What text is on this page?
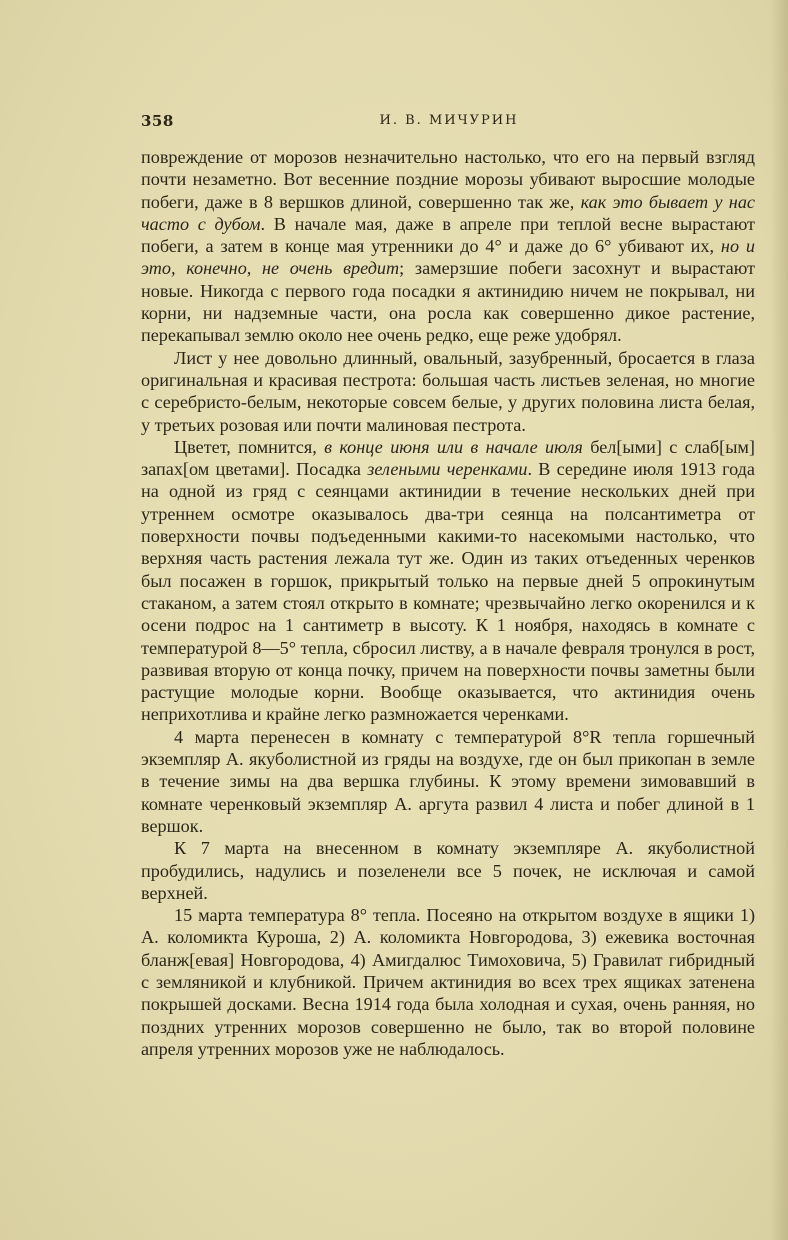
358	И. В. МИЧУРИН

повреждение от морозов незначительно настолько, что его на первый взгляд почти незаметно. Вот весенние поздние морозы убивают выросшие молодые побеги, даже в 8 вершков длиной, совершенно так же, как это бывает у нас часто с дубом. В начале мая, даже в апреле при теплой весне вырастают побеги, а затем в конце мая утренники до 4° и даже до 6° убивают их, но и это, конечно, не очень вредит; замерзшие побеги засохнут и вырастают новые. Никогда с первого года посадки я актинидию ничем не покрывал, ни корни, ни надземные части, она росла как совершенно дикое растение, перекапывал землю около нее очень редко, еще реже удобрял.

Лист у нее довольно длинный, овальный, зазубренный, бросается в глаза оригинальная и красивая пестрота: большая часть листьев зеленая, но многие с серебристо-белым, некоторые совсем белые, у других половина листа белая, у третьих розовая или почти малиновая пестрота.

Цветет, помнится, в конце июня или в начале июля бел[ыми] с слаб[ым] запах[ом цветами]. Посадка зелеными черенками. В середине июля 1913 года на одной из гряд с сеянцами актинидии в течение нескольких дней при утреннем осмотре оказывалось два-три сеянца на полсантиметра от поверхности почвы подъеденными какими-то насекомыми настолько, что верхняя часть растения лежала тут же. Один из таких отъеденных черенков был посажен в горшок, прикрытый только на первые дней 5 опрокинутым стаканом, а затем стоял открыто в комнате; чрезвычайно легко окоренился и к осени подрос на 1 сантиметр в высоту. К 1 ноября, находясь в комнате с температурой 8—5° тепла, сбросил листву, а в начале февраля тронулся в рост, развивая вторую от конца почку, причем на поверхности почвы заметны были растущие молодые корни. Вообще оказывается, что актинидия очень неприхотлива и крайне легко размножается черенками.

4 марта перенесен в комнату с температурой 8°R тепла горшечный экземпляр А. якуболистной из гряды на воздухе, где он был прикопан в земле в течение зимы на два вершка глубины. К этому времени зимовавший в комнате черенковый экземпляр А. аргута развил 4 листа и побег длиной в 1 вершок.

К 7 марта на внесенном в комнату экземпляре А. якуболистной пробудились, надулись и позеленели все 5 почек, не исключая и самой верхней.

15 марта температура 8° тепла. Посеяно на открытом воздухе в ящики 1) А. коломикта Куроша, 2) А. коломикта Новгородова, 3) ежевика восточная бланж[евая] Новгородова, 4) Амигдалюс Тимоховича, 5) Гравилат гибридный с земляникой и клубникой. Причем актинидия во всех трех ящиках затенена покрышей досками. Весна 1914 года была холодная и сухая, очень ранняя, но поздних утренних морозов совершенно не было, так во второй половине апреля утренних морозов уже не наблюдалось.
